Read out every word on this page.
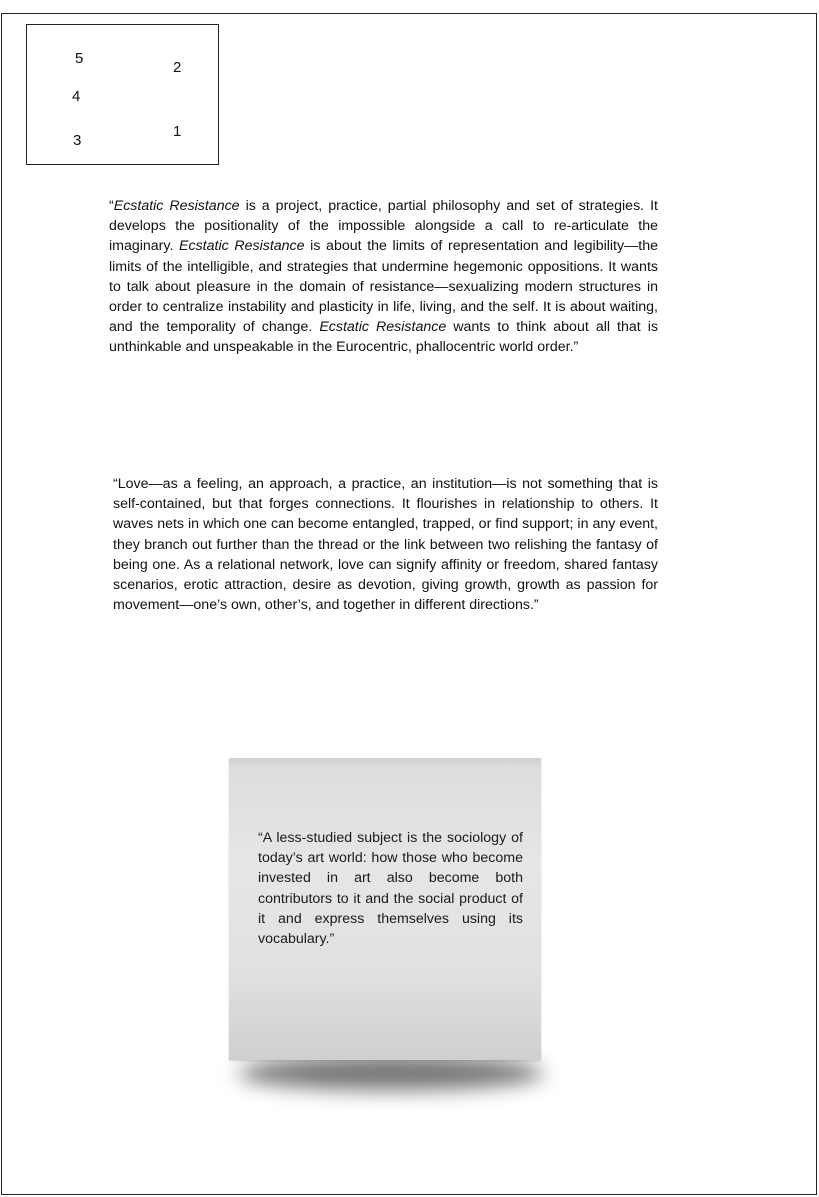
5
2
4
3
1

“Ecstatic Resistance is a project, practice, partial philosophy and set of strategies. It develops the positionality of the impossible alongside a call to re-articulate the imaginary. Ecstatic Resistance is about the limits of representation and legibility—the limits of the intelligible, and strategies that undermine hegemonic oppositions. It wants to talk about pleasure in the domain of resistance—sexualizing modern structures in order to centralize instability and plasticity in life, living, and the self. It is about waiting, and the temporality of change. Ecstatic Resistance wants to think about all that is unthinkable and unspeakable in the Eurocentric, phallocentric world order.”

“Love—as a feeling, an approach, a practice, an institution—is not something that is self-contained, but that forges connections. It flourishes in relationship to others. It waves nets in which one can become entangled, trapped, or find support; in any event, they branch out further than the thread or the link between two relishing the fantasy of being one. As a relational network, love can signify affinity or freedom, shared fantasy scenarios, erotic attraction, desire as devotion, giving growth, growth as passion for movement—one’s own, other’s, and together in different directions.”

“A less-studied subject is the sociology of today’s art world: how those who become invested in art also become both contributors to it and the social product of it and express themselves using its vocabulary.”
